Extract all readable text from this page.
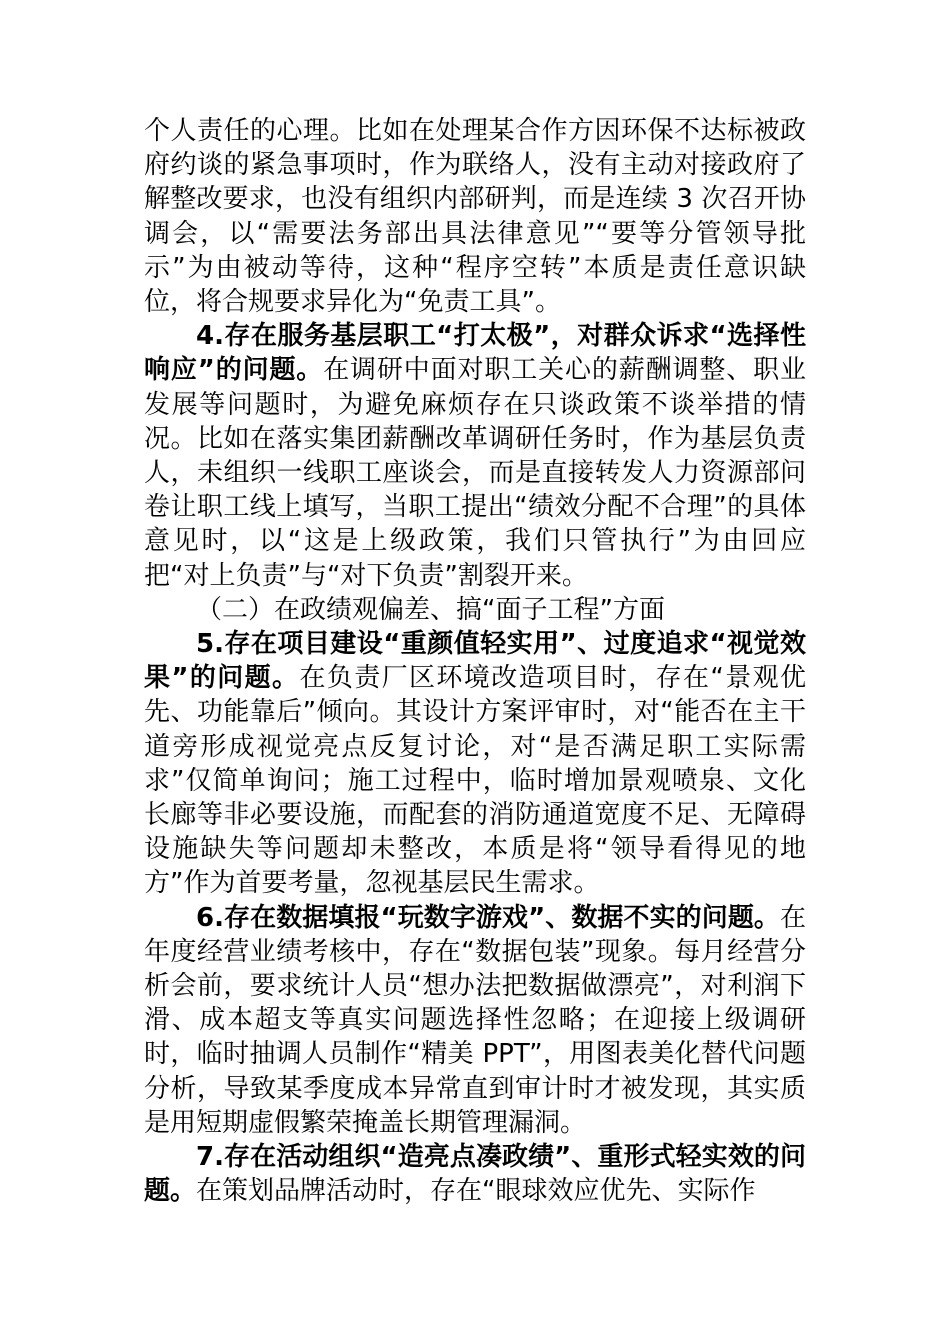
个人责任的心理。比如在处理某合作方因环保不达标被政府约谈的紧急事项时，作为联络人，没有主动对接政府了解整改要求，也没有组织内部研判，而是连续 3 次召开协调会，以“需要法务部出具法律意见”“要等分管领导批示”为由被动等待，这种“程序空转”本质是责任意识缺位，将合规要求异化为“免责工具”。

4.存在服务基层职工“打太极”，对群众诉求“选择性响应”的问题。在调研中面对职工关心的薪酬调整、职业发展等问题时，为避免麻烦存在只谈政策不谈举措的情况。比如在落实集团薪酬改革调研任务时，作为基层负责人，未组织一线职工座谈会，而是直接转发人力资源部问卷让职工线上填写，当职工提出“绩效分配不合理”的具体意见时，以“这是上级政策，我们只管执行”为由回应把“对上负责”与“对下负责”割裂开来。

（二）在政绩观偏差、搞“面子工程”方面

5.存在项目建设“重颜值轻实用”、过度追求“视觉效果”的问题。在负责厂区环境改造项目时，存在“景观优先、功能靠后”倾向。其设计方案评审时，对“能否在主干道旁形成视觉亮点反复讨论，对“是否满足职工实际需求”仅简单询问；施工过程中，临时增加景观喷泉、文化长廊等非必要设施，而配套的消防通道宽度不足、无障碍设施缺失等问题却未整改，本质是将“领导看得见的地方”作为首要考量，忽视基层民生需求。

6.存在数据填报“玩数字游戏”、数据不实的问题。在年度经营业绩考核中，存在“数据包装”现象。每月经营分析会前，要求统计人员“想办法把数据做漂亮”，对利润下滑、成本超支等真实问题选择性忽略；在迎接上级调研时，临时抽调人员制作“精美 PPT”，用图表美化替代问题分析，导致某季度成本异常直到审计时才被发现，其实质是用短期虚假繁荣掩盖长期管理漏洞。

7.存在活动组织“造亮点凑政绩”、重形式轻实效的问题。在策划品牌活动时，存在“眼球效应优先、实际作
